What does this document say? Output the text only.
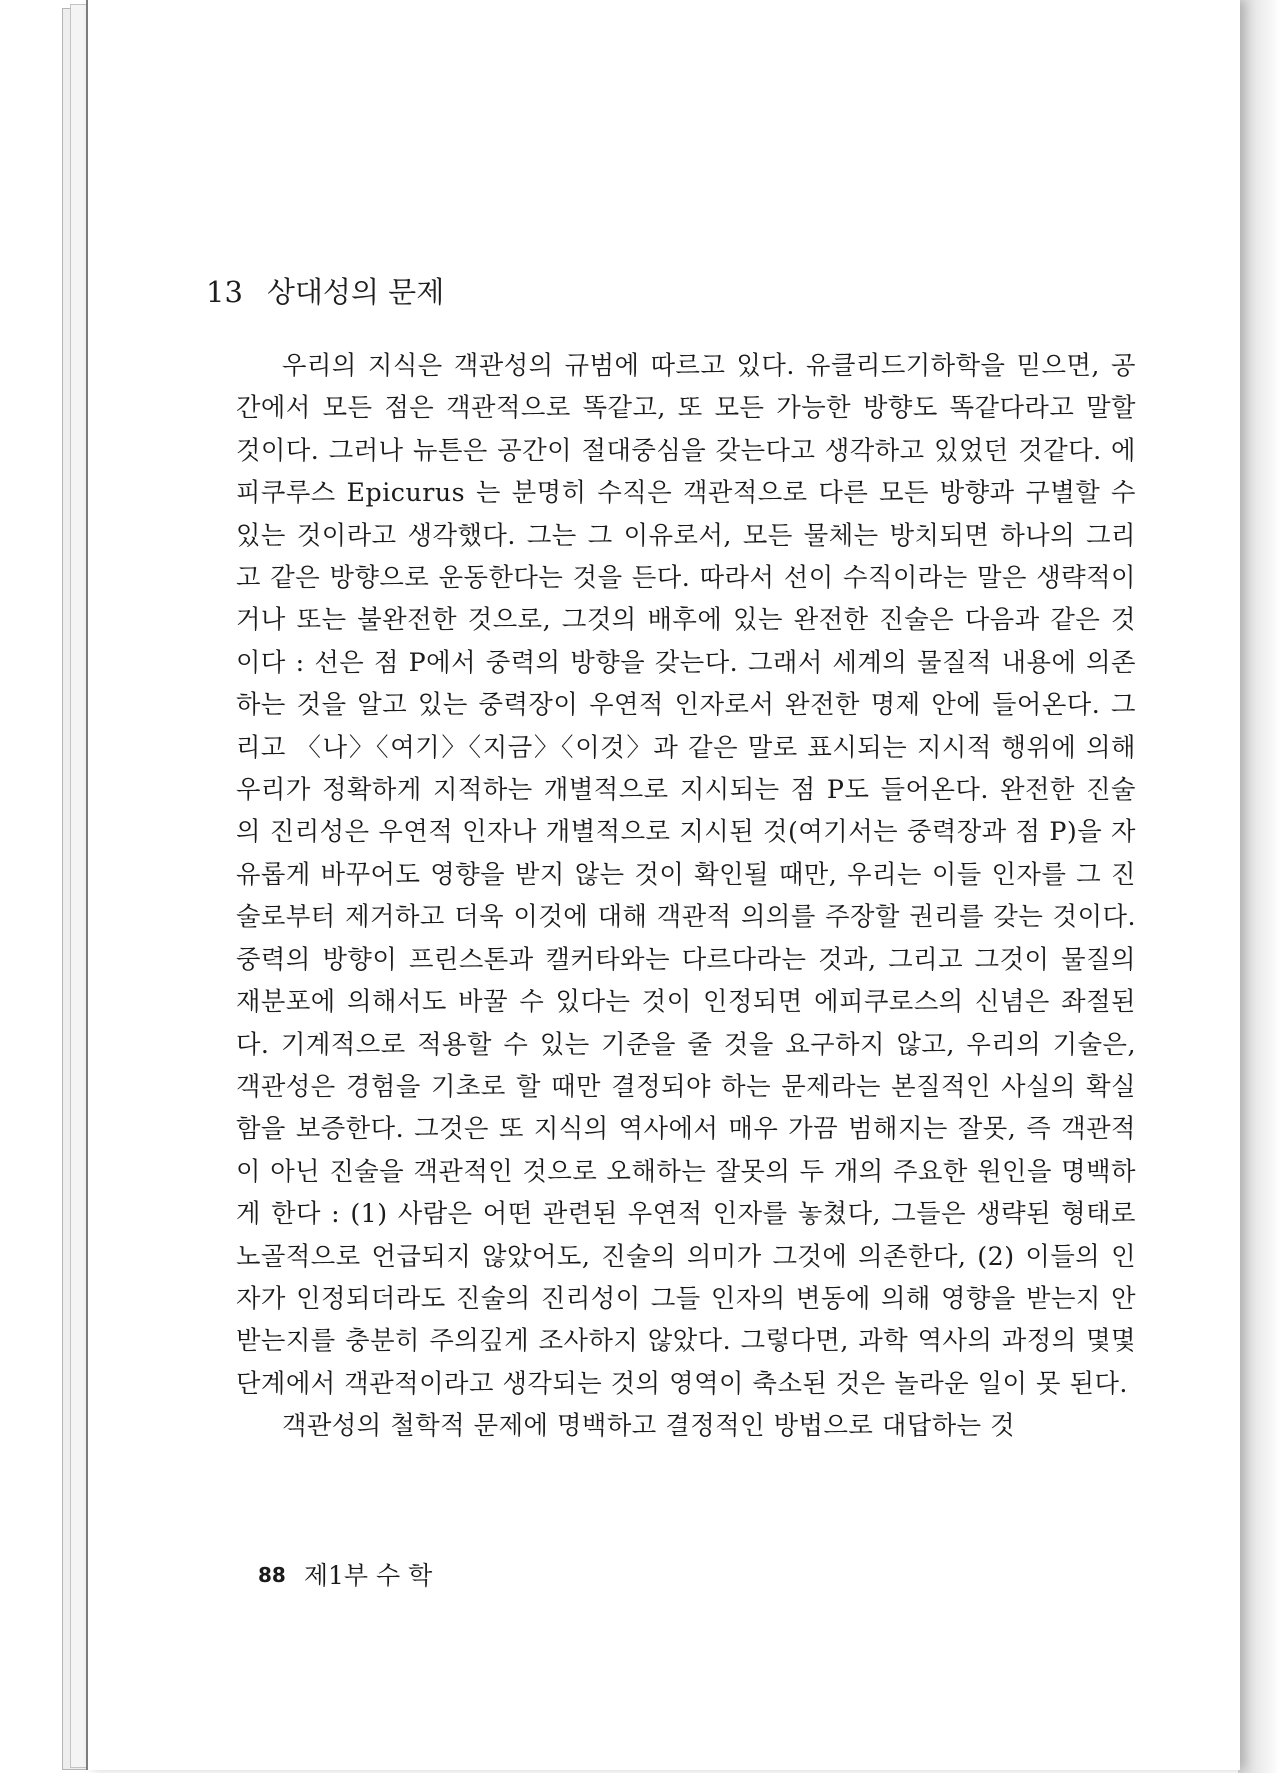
13 상대성의 문제

우리의 지식은 객관성의 규범에 따르고 있다. 유클리드기하학을 믿으면, 공간에서 모든 점은 객관적으로 똑같고, 또 모든 가능한 방향도 똑같다라고 말할 것이다. 그러나 뉴튼은 공간이 절대중심을 갖는다고 생각하고 있었던 것같다. 에피쿠루스 Epicurus 는 분명히 수직은 객관적으로 다른 모든 방향과 구별할 수 있는 것이라고 생각했다. 그는 그 이유로서, 모든 물체는 방치되면 하나의 그리고 같은 방향으로 운동한다는 것을 든다. 따라서 선이 수직이라는 말은 생략적이거나 또는 불완전한 것으로, 그것의 배후에 있는 완전한 진술은 다음과 같은 것이다 : 선은 점 P에서 중력의 방향을 갖는다. 그래서 세계의 물질적 내용에 의존하는 것을 알고 있는 중력장이 우연적 인자로서 완전한 명제 안에 들어온다. 그리고 〈나〉〈여기〉〈지금〉〈이것〉과 같은 말로 표시되는 지시적 행위에 의해 우리가 정확하게 지적하는 개별적으로 지시되는 점 P도 들어온다. 완전한 진술의 진리성은 우연적 인자나 개별적으로 지시된 것(여기서는 중력장과 점 P)을 자유롭게 바꾸어도 영향을 받지 않는 것이 확인될 때만, 우리는 이들 인자를 그 진술로부터 제거하고 더욱 이것에 대해 객관적 의의를 주장할 권리를 갖는 것이다. 중력의 방향이 프린스톤과 캘커타와는 다르다라는 것과, 그리고 그것이 물질의 재분포에 의해서도 바꿀 수 있다는 것이 인정되면 에피쿠로스의 신념은 좌절된다. 기계적으로 적용할 수 있는 기준을 줄 것을 요구하지 않고, 우리의 기술은, 객관성은 경험을 기초로 할 때만 결정되야 하는 문제라는 본질적인 사실의 확실함을 보증한다. 그것은 또 지식의 역사에서 매우 가끔 범해지는 잘못, 즉 객관적이 아닌 진술을 객관적인 것으로 오해하는 잘못의 두 개의 주요한 원인을 명백하게 한다 : (1) 사람은 어떤 관련된 우연적 인자를 놓쳤다, 그들은 생략된 형태로 노골적으로 언급되지 않았어도, 진술의 의미가 그것에 의존한다, (2) 이들의 인자가 인정되더라도 진술의 진리성이 그들 인자의 변동에 의해 영향을 받는지 안받는지를 충분히 주의깊게 조사하지 않았다. 그렇다면, 과학 역사의 과정의 몇몇 단계에서 객관적이라고 생각되는 것의 영역이 축소된 것은 놀라운 일이 못 된다.

객관성의 철학적 문제에 명백하고 결정적인 방법으로 대답하는 것

88 제1부 수 학
